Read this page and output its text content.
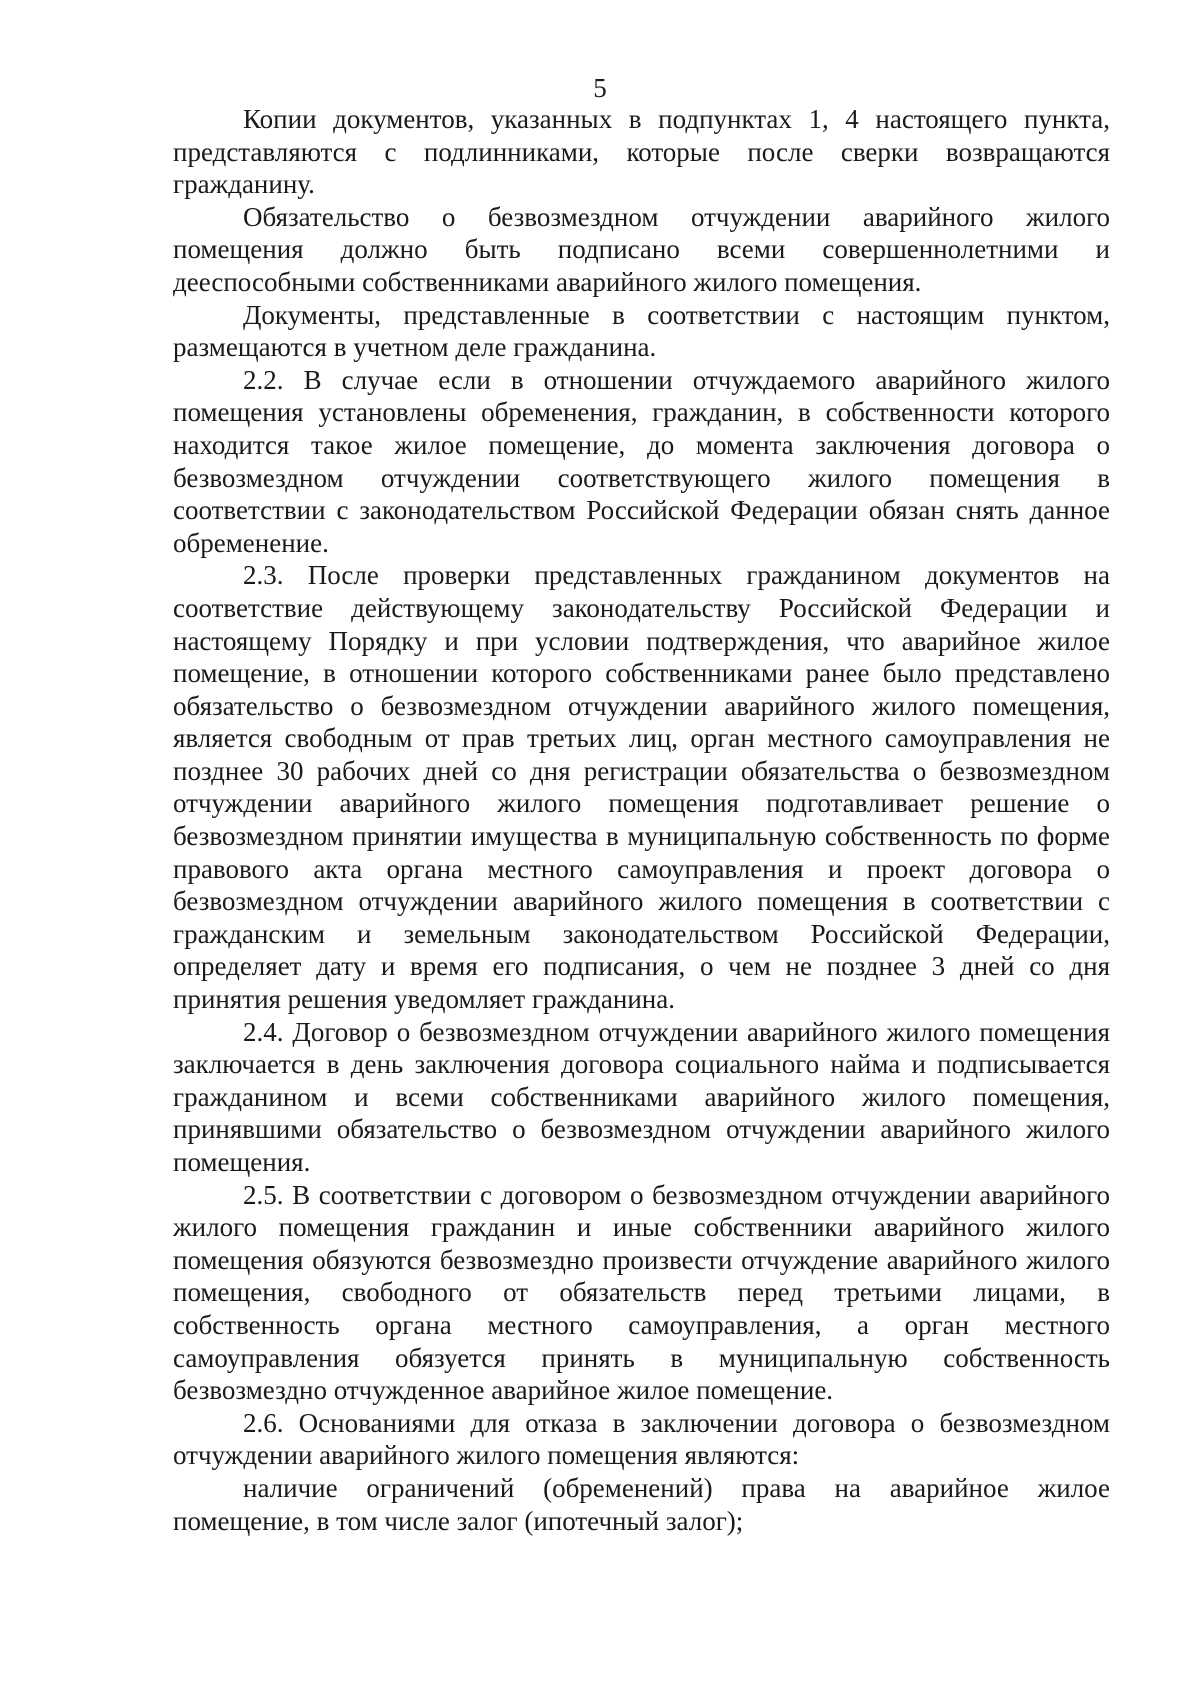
5

Копии документов, указанных в подпунктах 1, 4 настоящего пункта, представляются с подлинниками, которые после сверки возвращаются гражданину.

Обязательство о безвозмездном отчуждении аварийного жилого помещения должно быть подписано всеми совершеннолетними и дееспособными собственниками аварийного жилого помещения.

Документы, представленные в соответствии с настоящим пунктом, размещаются в учетном деле гражданина.

2.2. В случае если в отношении отчуждаемого аварийного жилого помещения установлены обременения, гражданин, в собственности которого находится такое жилое помещение, до момента заключения договора о безвозмездном отчуждении соответствующего жилого помещения в соответствии с законодательством Российской Федерации обязан снять данное обременение.

2.3. После проверки представленных гражданином документов на соответствие действующему законодательству Российской Федерации и настоящему Порядку и при условии подтверждения, что аварийное жилое помещение, в отношении которого собственниками ранее было представлено обязательство о безвозмездном отчуждении аварийного жилого помещения, является свободным от прав третьих лиц, орган местного самоуправления не позднее 30 рабочих дней со дня регистрации обязательства о безвозмездном отчуждении аварийного жилого помещения подготавливает решение о безвозмездном принятии имущества в муниципальную собственность по форме правового акта органа местного самоуправления и проект договора о безвозмездном отчуждении аварийного жилого помещения в соответствии с гражданским и земельным законодательством Российской Федерации, определяет дату и время его подписания, о чем не позднее 3 дней со дня принятия решения уведомляет гражданина.

2.4. Договор о безвозмездном отчуждении аварийного жилого помещения заключается в день заключения договора социального найма и подписывается гражданином и всеми собственниками аварийного жилого помещения, принявшими обязательство о безвозмездном отчуждении аварийного жилого помещения.

2.5. В соответствии с договором о безвозмездном отчуждении аварийного жилого помещения гражданин и иные собственники аварийного жилого помещения обязуются безвозмездно произвести отчуждение аварийного жилого помещения, свободного от обязательств перед третьими лицами, в собственность органа местного самоуправления, а орган местного самоуправления обязуется принять в муниципальную собственность безвозмездно отчужденное аварийное жилое помещение.

2.6. Основаниями для отказа в заключении договора о безвозмездном отчуждении аварийного жилого помещения являются:

наличие ограничений (обременений) права на аварийное жилое помещение, в том числе залог (ипотечный залог);
